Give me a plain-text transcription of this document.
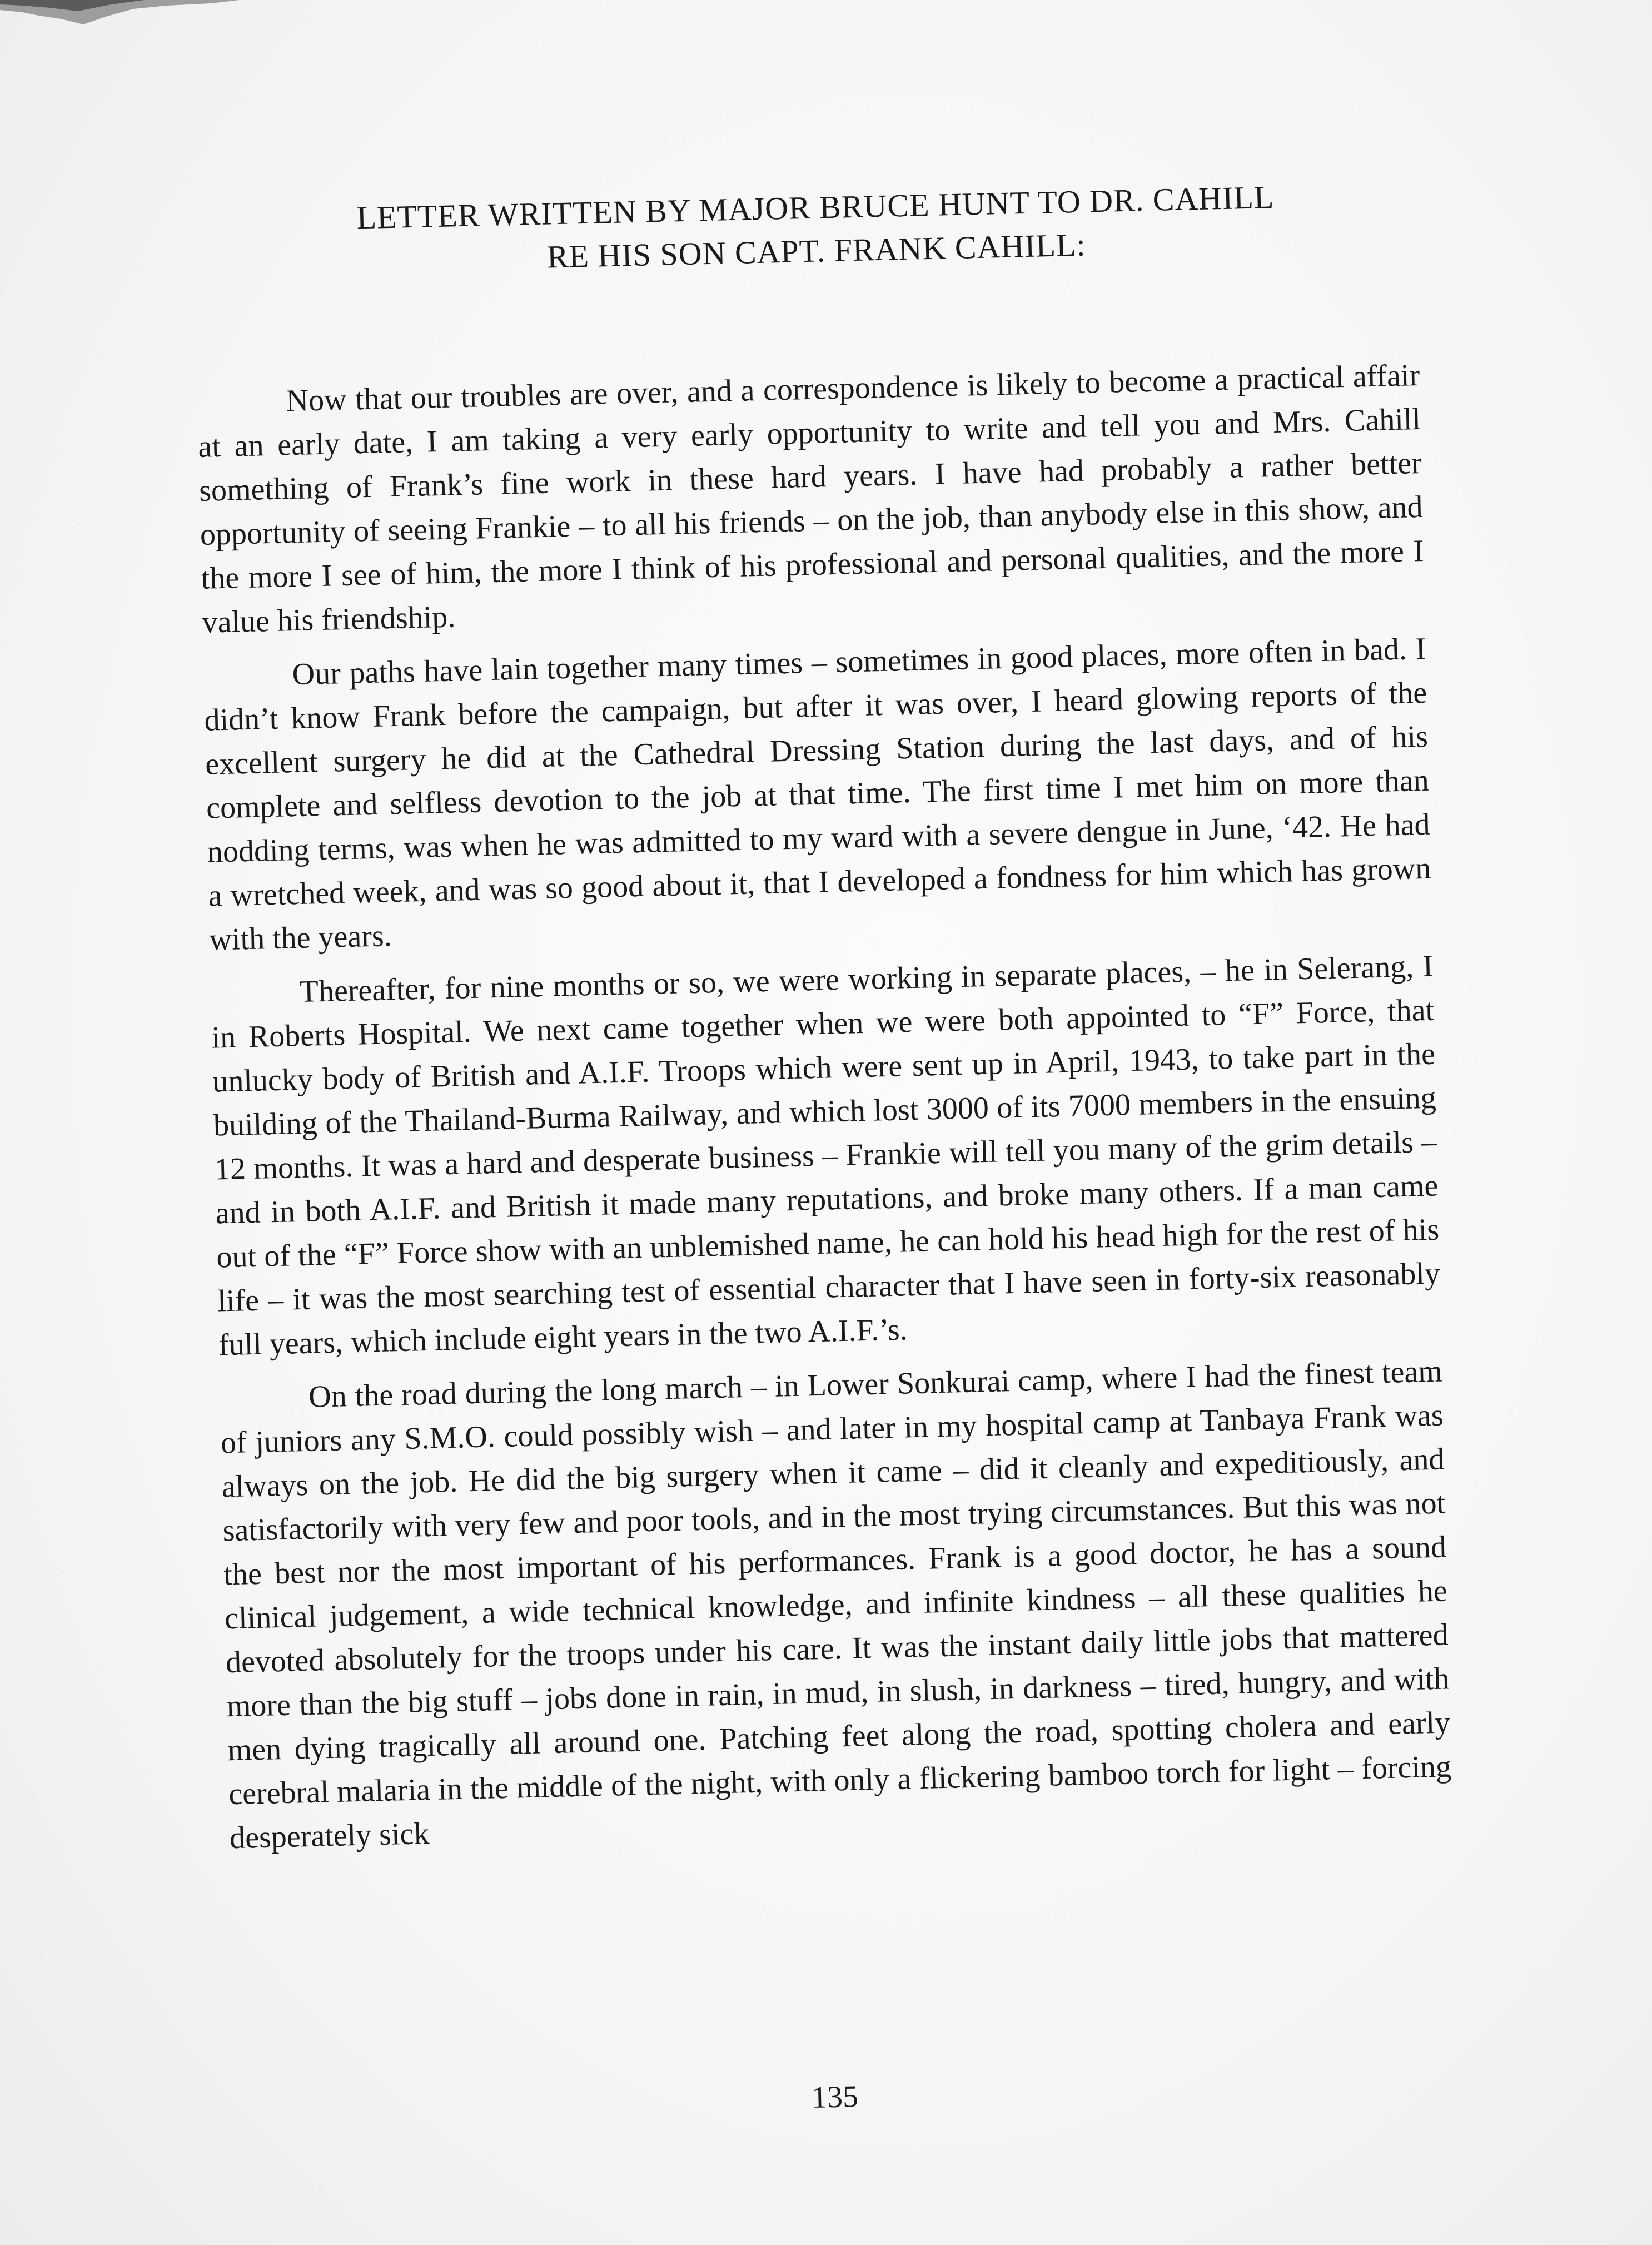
LETTER WRITTEN BY MAJOR BRUCE HUNT TO DR. CAHILL
RE HIS SON CAPT. FRANK CAHILL:

Now that our troubles are over, and a correspondence is likely to become a practical affair at an early date, I am taking a very early opportunity to write and tell you and Mrs. Cahill something of Frank’s fine work in these hard years. I have had probably a rather better opportunity of seeing Frankie – to all his friends – on the job, than anybody else in this show, and the more I see of him, the more I think of his professional and personal qualities, and the more I value his friendship.

Our paths have lain together many times – sometimes in good places, more often in bad. I didn’t know Frank before the campaign, but after it was over, I heard glowing reports of the excellent surgery he did at the Cathedral Dressing Station during the last days, and of his complete and selfless devotion to the job at that time. The first time I met him on more than nodding terms, was when he was admitted to my ward with a severe dengue in June, ‘42. He had a wretched week, and was so good about it, that I developed a fondness for him which has grown with the years.

Thereafter, for nine months or so, we were working in separate places, – he in Selerang, I in Roberts Hospital. We next came together when we were both appointed to “F” Force, that unlucky body of British and A.I.F. Troops which were sent up in April, 1943, to take part in the building of the Thailand-Burma Railway, and which lost 3000 of its 7000 members in the ensuing 12 months. It was a hard and desperate business – Frankie will tell you many of the grim details – and in both A.I.F. and British it made many reputations, and broke many others. If a man came out of the “F” Force show with an unblemished name, he can hold his head high for the rest of his life – it was the most searching test of essential character that I have seen in forty-six reasonably full years, which include eight years in the two A.I.F.’s.

On the road during the long march – in Lower Sonkurai camp, where I had the finest team of juniors any S.M.O. could possibly wish – and later in my hospital camp at Tanbaya Frank was always on the job. He did the big surgery when it came – did it cleanly and expeditiously, and satisfactorily with very few and poor tools, and in the most trying circumstances. But this was not the best nor the most important of his performances. Frank is a good doctor, he has a sound clinical judgement, a wide technical knowledge, and infinite kindness – all these qualities he devoted absolutely for the troops under his care. It was the instant daily little jobs that mattered more than the big stuff – jobs done in rain, in mud, in slush, in darkness – tired, hungry, and with men dying tragically all around one. Patching feet along the road, spotting cholera and early cerebral malaria in the middle of the night, with only a flickering bamboo torch for light – forcing desperately sick

135
